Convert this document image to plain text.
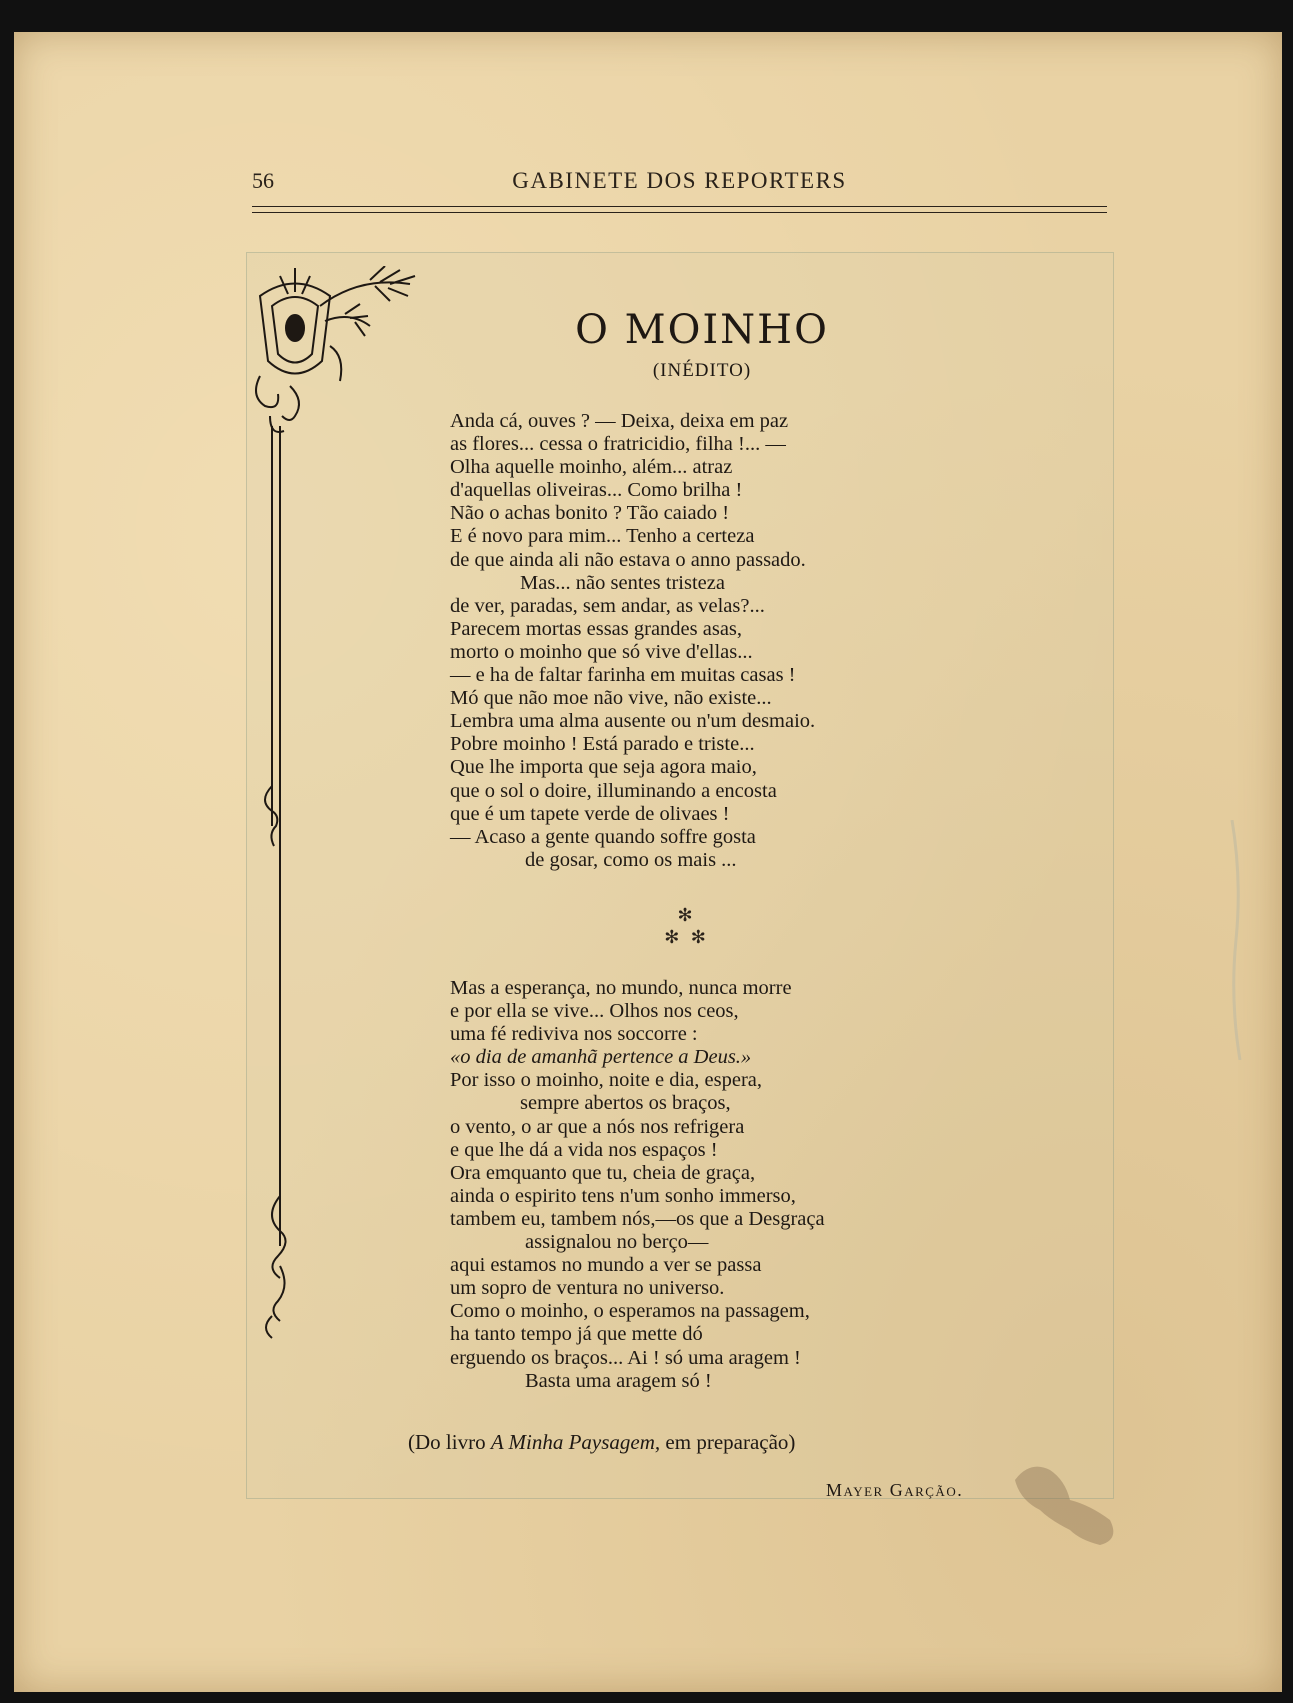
56	GABINETE DOS REPORTERS
O MOINHO
(INÉDITO)
Anda cá, ouves ? — Deixa, deixa em paz
as flores... cessa o fratricidio, filha !... —
Olha aquelle moinho, além... atraz
d'aquellas oliveiras... Como brilha !
Não o achas bonito ? Tão caiado !
E é novo para mim... Tenho a certeza
de que ainda ali não estava o anno passado.
Mas... não sentes tristeza
de ver, paradas, sem andar, as velas?...
Parecem mortas essas grandes asas,
morto o moinho que só vive d'ellas...
— e ha de faltar farinha em muitas casas !
Mó que não moe não vive, não existe...
Lembra uma alma ausente ou n'um desmaio.
Pobre moinho ! Está parado e triste...
Que lhe importa que seja agora maio,
que o sol o doire, illuminando a encosta
que é um tapete verde de olivaes !
— Acaso a gente quando soffre gosta
de gosar, como os mais ...
✻
✻  ✻
Mas a esperança, no mundo, nunca morre
e por ella se vive... Olhos nos ceos,
uma fé rediviva nos soccorre :
«o dia de amanhã pertence a Deus.»
Por isso o moinho, noite e dia, espera,
sempre abertos os braços,
o vento, o ar que a nós nos refrigera
e que lhe dá a vida nos espaços !
Ora emquanto que tu, cheia de graça,
ainda o espirito tens n'um sonho immerso,
tambem eu, tambem nós,—os que a Desgraça
assignalou no berço—
aqui estamos no mundo a ver se passa
um sopro de ventura no universo.
Como o moinho, o esperamos na passagem,
ha tanto tempo já que mette dó
erguendo os braços... Ai ! só uma aragem !
Basta uma aragem só !
(Do livro A Minha Paysagem, em preparação)
Mayer Garção.
